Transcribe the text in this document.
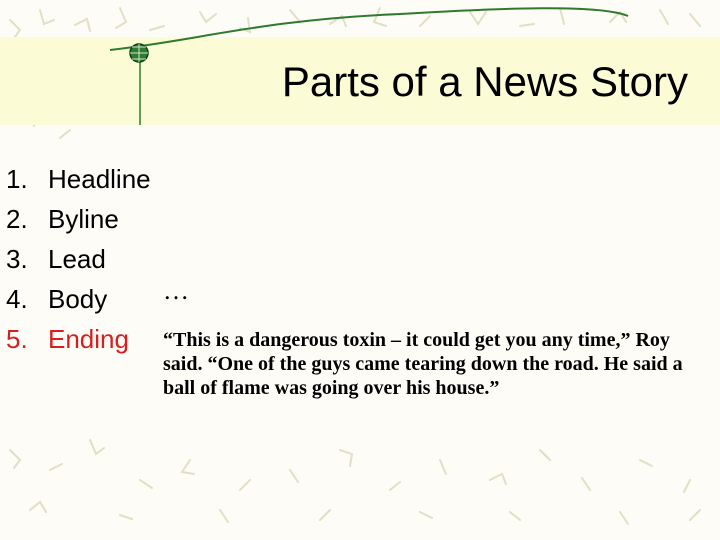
Parts of a News Story
1. Headline
2. Byline
3. Lead
4. Body
5. Ending
…
“This is a dangerous toxin – it could get you any time,” Roy said. “One of the guys came tearing down the road. He said a ball of flame was going over his house.”
